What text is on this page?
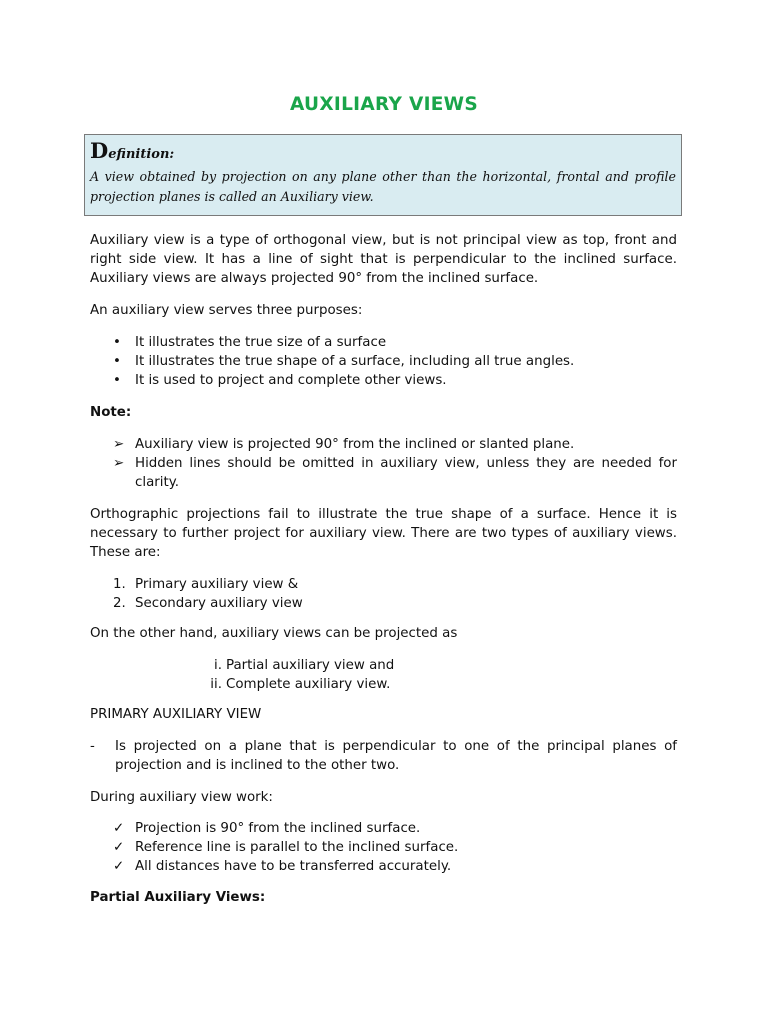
AUXILIARY VIEWS
Definition:
A view obtained by projection on any plane other than the horizontal, frontal and profile projection planes is called an Auxiliary view.

Auxiliary view is a type of orthogonal view, but is not principal view as top, front and right side view. It has a line of sight that is perpendicular to the inclined surface. Auxiliary views are always projected 90° from the inclined surface.

An auxiliary view serves three purposes:

•	It illustrates the true size of a surface
•	It illustrates the true shape of a surface, including all true angles.
•	It is used to project and complete other views.

Note:

➢ Auxiliary view is projected 90° from the inclined or slanted plane.
➢ Hidden lines should be omitted in auxiliary view, unless they are needed for clarity.

Orthographic projections fail to illustrate the true shape of a surface. Hence it is necessary to further project for auxiliary view. There are two types of auxiliary views. These are:

1. Primary auxiliary view &
2. Secondary auxiliary view

On the other hand, auxiliary views can be projected as

i. Partial auxiliary view and
ii. Complete auxiliary view.

PRIMARY AUXILIARY VIEW

-	Is projected on a plane that is perpendicular to one of the principal planes of projection and is inclined to the other two.

During auxiliary view work:

✓ Projection is 90° from the inclined surface.
✓ Reference line is parallel to the inclined surface.
✓ All distances have to be transferred accurately.

Partial Auxiliary Views:
